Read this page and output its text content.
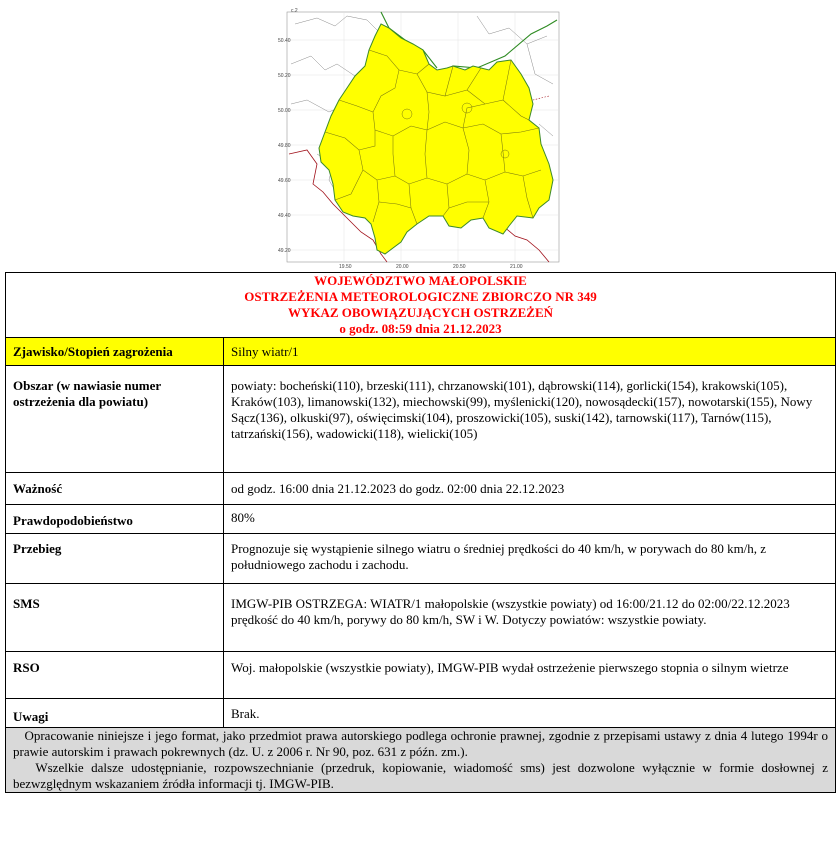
c.2
50.40
50.20
50.00
49.80
49.60
49.40
49.20
19.50	20.00	20.50	21.00
WOJEWÓDZTWO MAŁOPOLSKIE
OSTRZEŻENIA METEOROLOGICZNE ZBIORCZO NR 349
WYKAZ OBOWIĄZUJĄCYCH OSTRZEŻEŃ
o godz. 08:59 dnia 21.12.2023	

Zjawisko/Stopień zagrożenia	Silny wiatr/1
Obszar (w nawiasie numer ostrzeżenia dla powiatu)	powiaty: bocheński(110), brzeski(111), chrzanowski(101), dąbrowski(114), gorlicki(154), krakowski(105), Kraków(103), limanowski(132), miechowski(99), myślenicki(120), nowosądecki(157), nowotarski(155), Nowy Sącz(136), olkuski(97), oświęcimski(104), proszowicki(105), suski(142), tarnowski(117), Tarnów(115), tatrzański(156), wadowicki(118), wielicki(105)
Ważność	od godz. 16:00 dnia 21.12.2023 do godz. 02:00 dnia 22.12.2023
Prawdopodobieństwo	80%
Przebieg	Prognozuje się wystąpienie silnego wiatru o średniej prędkości do 40 km/h, w porywach do 80 km/h, z południowego zachodu i zachodu.
SMS	IMGW-PIB OSTRZEGA: WIATR/1 małopolskie (wszystkie powiaty) od 16:00/21.12 do 02:00/22.12.2023 prędkość do 40 km/h, porywy do 80 km/h, SW i W. Dotyczy powiatów: wszystkie powiaty.
RSO	Woj. małopolskie (wszystkie powiaty), IMGW-PIB wydał ostrzeżenie pierwszego stopnia o silnym wietrze
Uwagi	Brak.

Opracowanie niniejsze i jego format, jako przedmiot prawa autorskiego podlega ochronie prawnej, zgodnie z przepisami ustawy z dnia 4 lutego 1994r o prawie autorskim i prawach pokrewnych (dz. U. z 2006 r. Nr 90, poz. 631 z późn. zm.).
Wszelkie dalsze udostępnianie, rozpowszechnianie (przedruk, kopiowanie, wiadomość sms) jest dozwolone wyłącznie w formie dosłownej z bezwzględnym wskazaniem źródła informacji tj. IMGW-PIB.	
